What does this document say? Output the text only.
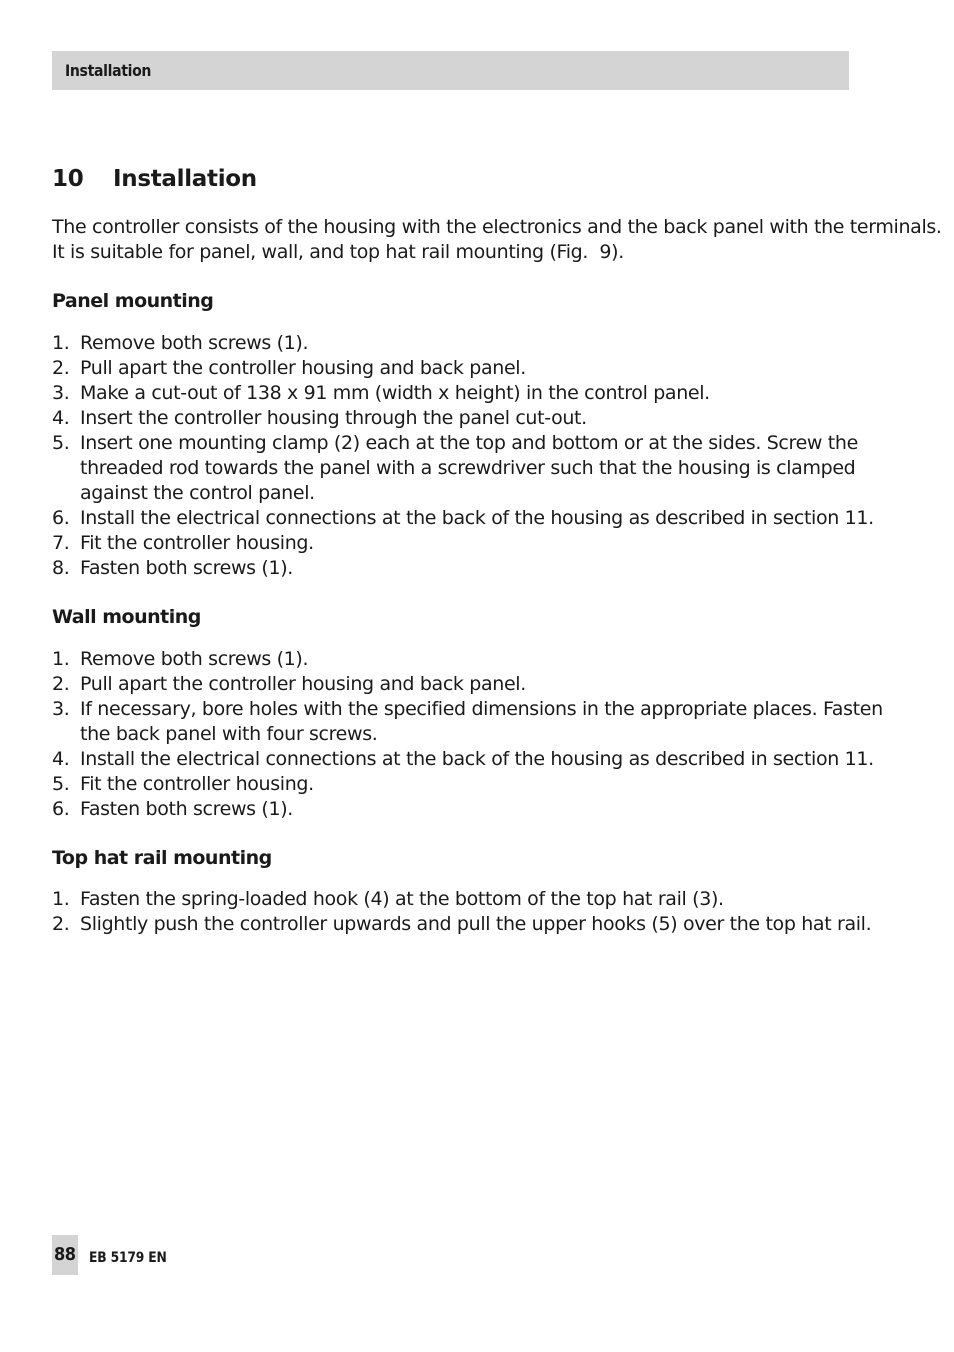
Installation
10 Installation
The controller consists of the housing with the electronics and the back panel with the terminals.
It is suitable for panel, wall, and top hat rail mounting (Fig.  9).
Panel mounting
1. Remove both screws (1).
2. Pull apart the controller housing and back panel.
3. Make a cut-out of 138 x 91 mm (width x height) in the control panel.
4. Insert the controller housing through the panel cut-out.
5. Insert one mounting clamp (2) each at the top and bottom or at the sides. Screw the
threaded rod towards the panel with a screwdriver such that the housing is clamped
against the control panel.
6. Install the electrical connections at the back of the housing as described in section 11.
7. Fit the controller housing.
8. Fasten both screws (1).
Wall mounting
1. Remove both screws (1).
2. Pull apart the controller housing and back panel.
3. If necessary, bore holes with the specified dimensions in the appropriate places. Fasten
the back panel with four screws.
4. Install the electrical connections at the back of the housing as described in section 11.
5. Fit the controller housing.
6. Fasten both screws (1).
Top hat rail mounting
1. Fasten the spring-loaded hook (4) at the bottom of the top hat rail (3).
2. Slightly push the controller upwards and pull the upper hooks (5) over the top hat rail.
88 EB 5179 EN
